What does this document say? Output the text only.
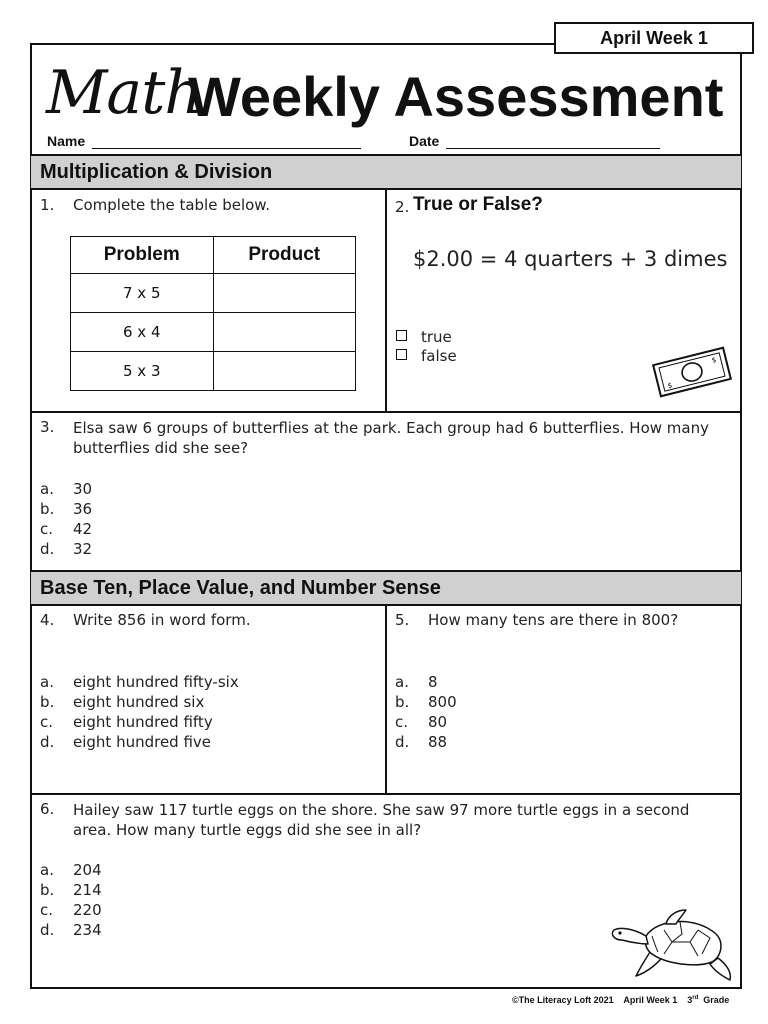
April Week 1
Math
Weekly Assessment
Name	Date
Multiplication & Division
1. Complete the table below.
Problem	Product
7 x 5	
6 x 4	
5 x 3	
2. True or False?
$2.00 = 4 quarters + 3 dimes
true
false
$
$
3. Elsa saw 6 groups of butterflies at the park. Each group had 6 butterflies. How many
butterflies did she see?
a.	30
b.	36
c.	42
d.	32
Base Ten, Place Value, and Number Sense
4. Write 856 in word form.
a.	eight hundred fifty-six
b.	eight hundred six
c.	eight hundred fifty
d.	eight hundred five
5. How many tens are there in 800?
a.	8
b.	800
c.	80
d.	88
6. Hailey saw 117 turtle eggs on the shore. She saw 97 more turtle eggs in a second
area. How many turtle eggs did she see in all?
a.	204
b.	214
c.	220
d.	234
©The Literacy Loft 2021 April Week 1 3rd Grade
